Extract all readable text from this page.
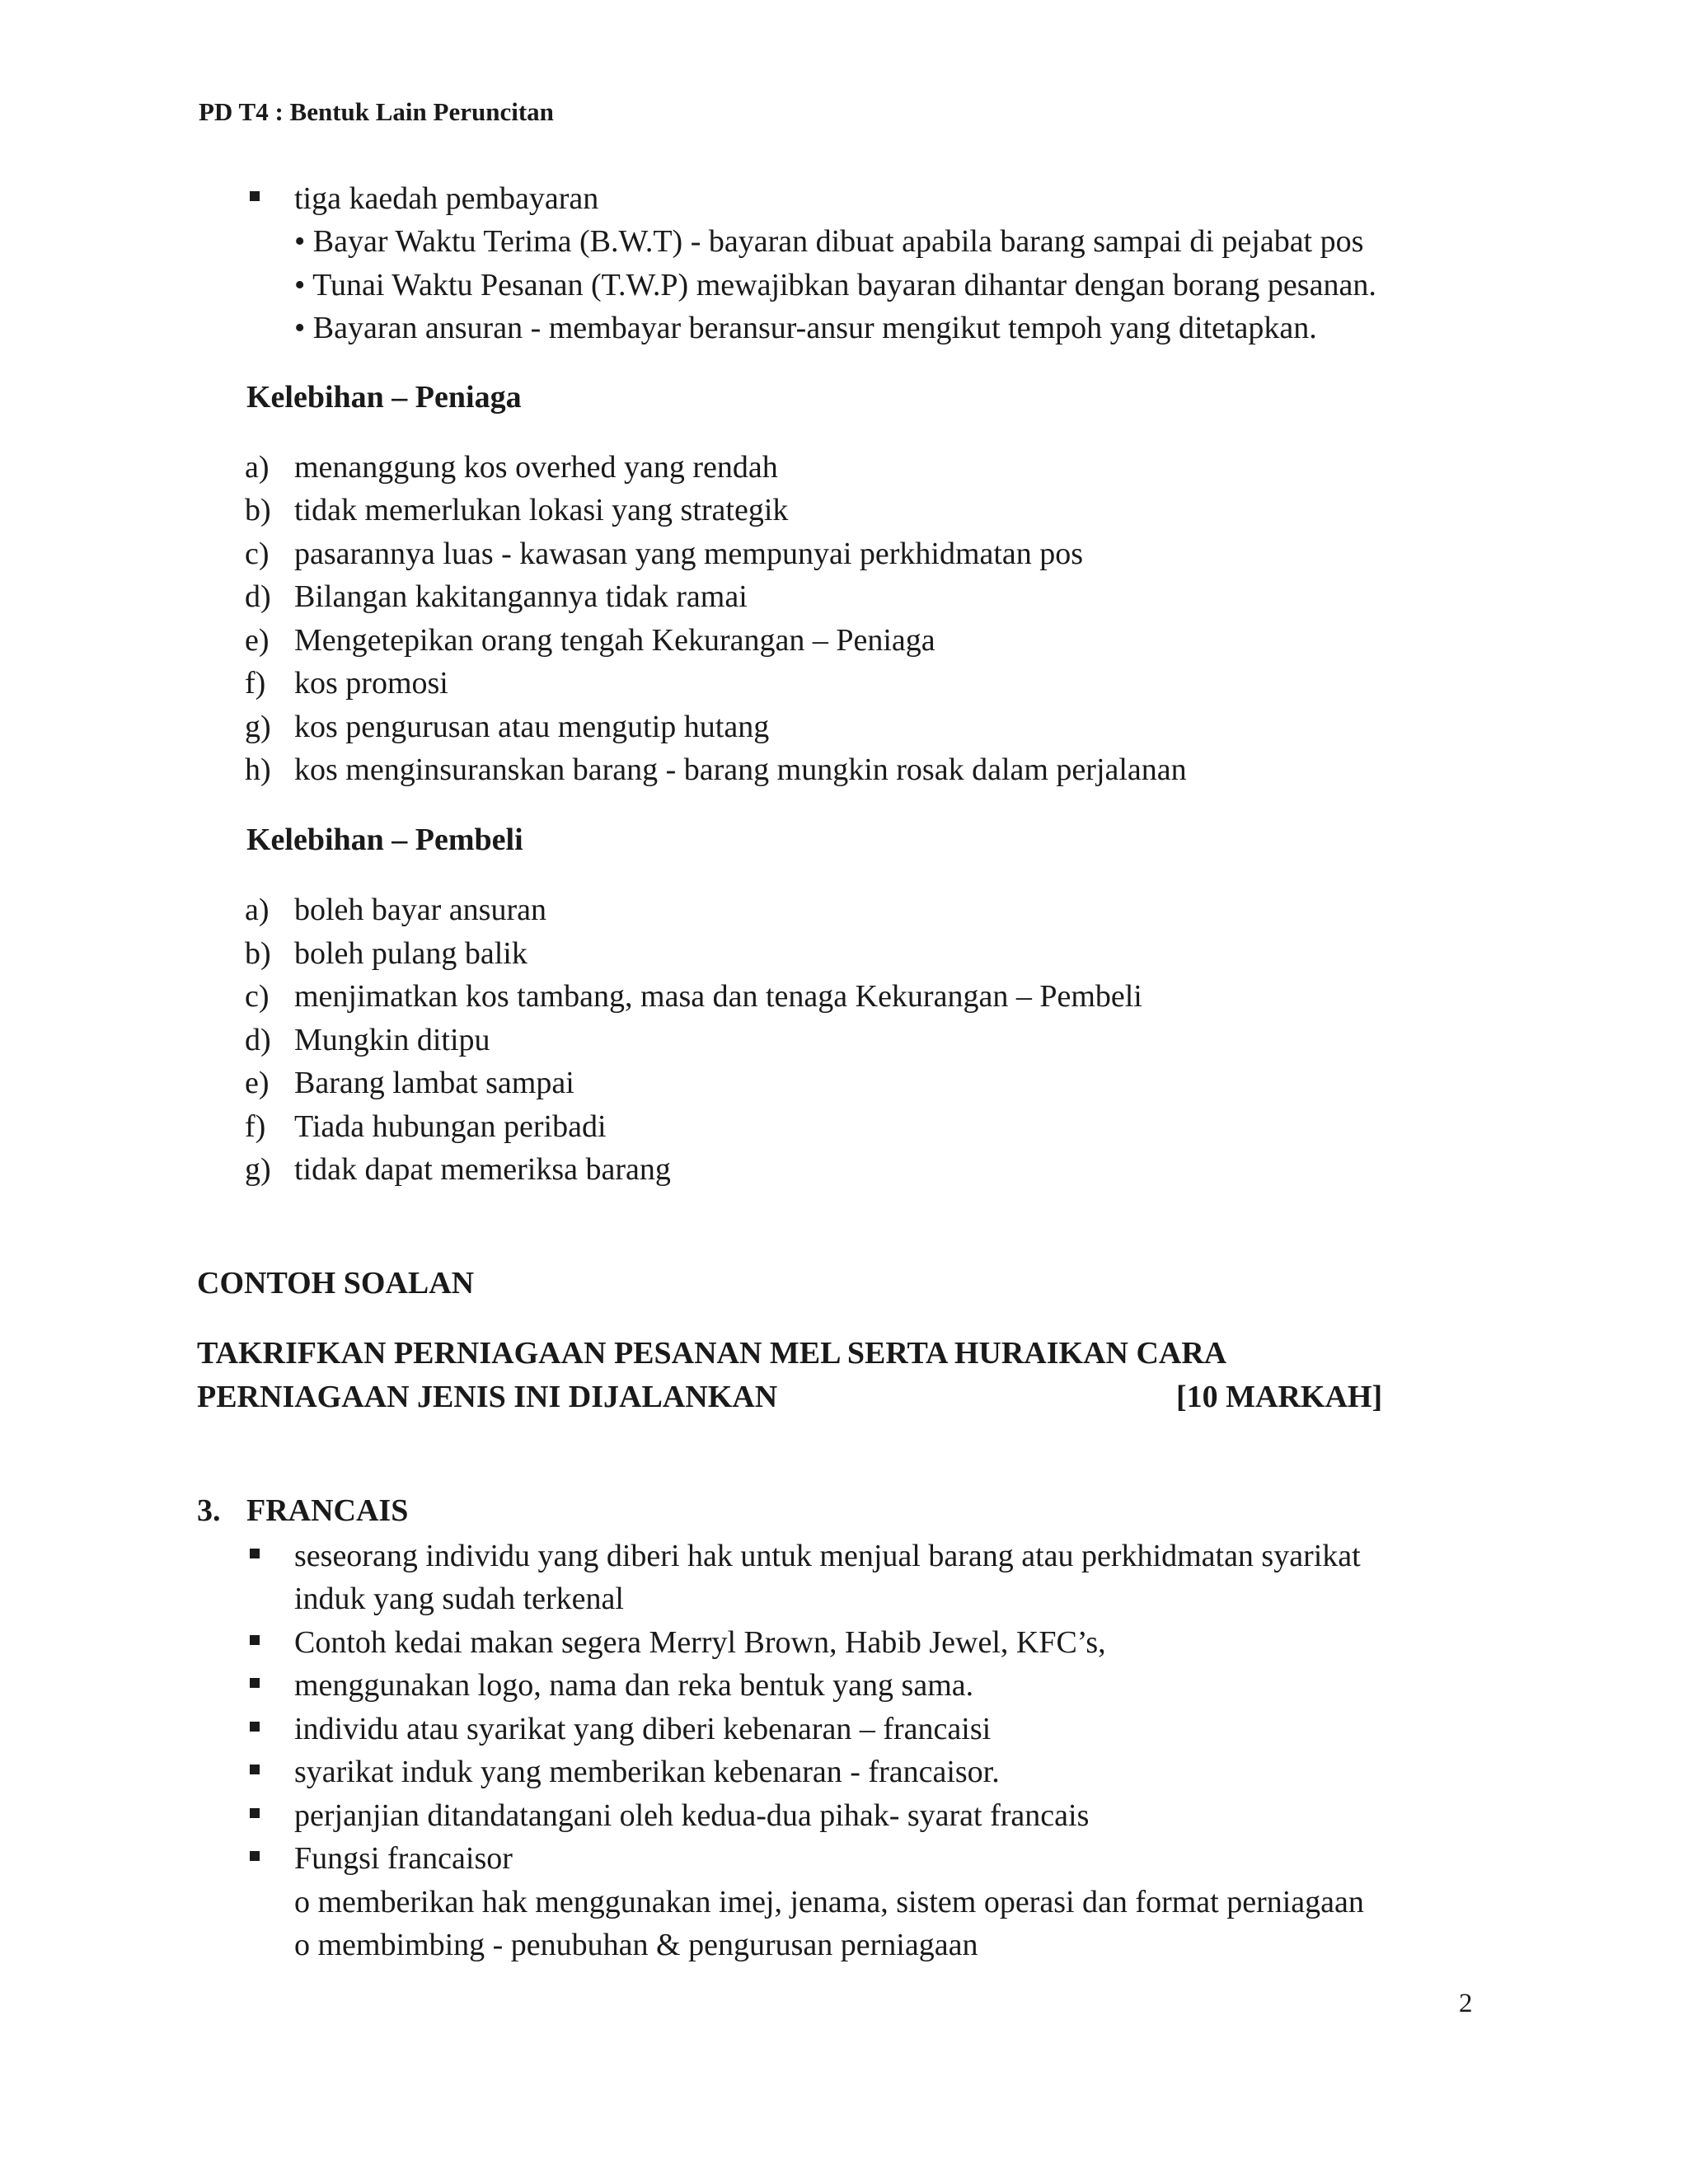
PD T4 : Bentuk Lain Peruncitan
tiga kaedah pembayaran
• Bayar Waktu Terima (B.W.T) - bayaran dibuat apabila barang sampai di pejabat pos
• Tunai Waktu Pesanan (T.W.P) mewajibkan bayaran dihantar dengan borang pesanan.
• Bayaran ansuran - membayar beransur-ansur mengikut tempoh yang ditetapkan.
Kelebihan – Peniaga
a) menanggung kos overhed yang rendah
b) tidak memerlukan lokasi yang strategik
c) pasarannya luas - kawasan yang mempunyai perkhidmatan pos
d) Bilangan kakitangannya tidak ramai
e) Mengetepikan orang tengah Kekurangan – Peniaga
f) kos promosi
g) kos pengurusan atau mengutip hutang
h) kos menginsuranskan barang - barang mungkin rosak dalam perjalanan
Kelebihan – Pembeli
a) boleh bayar ansuran
b) boleh pulang balik
c) menjimatkan kos tambang, masa dan tenaga Kekurangan – Pembeli
d) Mungkin ditipu
e) Barang lambat sampai
f) Tiada hubungan peribadi
g) tidak dapat memeriksa barang
CONTOH SOALAN
TAKRIFKAN PERNIAGAAN PESANAN MEL SERTA HURAIKAN CARA
PERNIAGAAN JENIS INI DIJALANKAN	[10 MARKAH]
3. FRANCAIS
seseorang individu yang diberi hak untuk menjual barang atau perkhidmatan syarikat
induk yang sudah terkenal
Contoh kedai makan segera Merryl Brown, Habib Jewel, KFC’s,
menggunakan logo, nama dan reka bentuk yang sama.
individu atau syarikat yang diberi kebenaran – francaisi
syarikat induk yang memberikan kebenaran - francaisor.
perjanjian ditandatangani oleh kedua-dua pihak- syarat francais
Fungsi francaisor
o memberikan hak menggunakan imej, jenama, sistem operasi dan format perniagaan
o membimbing - penubuhan & pengurusan perniagaan
2
